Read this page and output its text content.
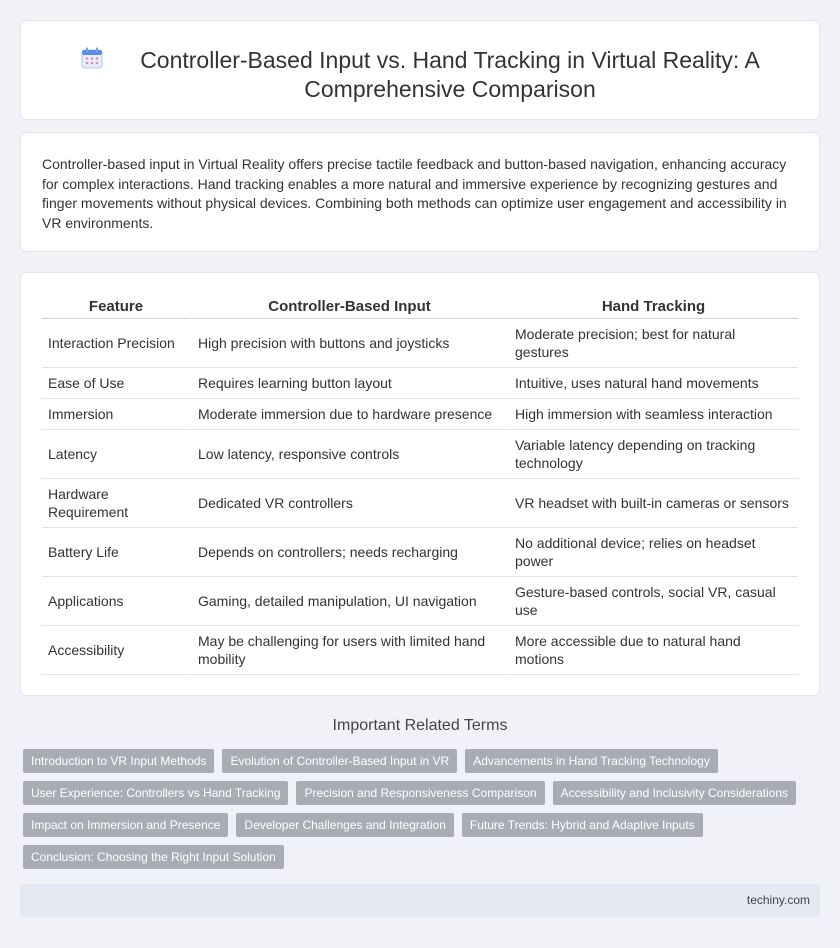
Controller-Based Input vs. Hand Tracking in Virtual Reality: A Comprehensive Comparison

Controller-based input in Virtual Reality offers precise tactile feedback and button-based navigation, enhancing accuracy for complex interactions. Hand tracking enables a more natural and immersive experience by recognizing gestures and finger movements without physical devices. Combining both methods can optimize user engagement and accessibility in VR environments.

Feature	Controller-Based Input	Hand Tracking
Interaction Precision	High precision with buttons and joysticks	Moderate precision; best for natural gestures
Ease of Use	Requires learning button layout	Intuitive, uses natural hand movements
Immersion	Moderate immersion due to hardware presence	High immersion with seamless interaction
Latency	Low latency, responsive controls	Variable latency depending on tracking technology
Hardware Requirement	Dedicated VR controllers	VR headset with built-in cameras or sensors
Battery Life	Depends on controllers; needs recharging	No additional device; relies on headset power
Applications	Gaming, detailed manipulation, UI navigation	Gesture-based controls, social VR, casual use
Accessibility	May be challenging for users with limited hand mobility	More accessible due to natural hand motions
Important Related Terms
Introduction to VR Input Methods	Evolution of Controller-Based Input in VR	Advancements in Hand Tracking Technology
User Experience: Controllers vs Hand Tracking	Precision and Responsiveness Comparison	Accessibility and Inclusivity Considerations
Impact on Immersion and Presence	Developer Challenges and Integration	Future Trends: Hybrid and Adaptive Inputs
Conclusion: Choosing the Right Input Solution
techiny.com
